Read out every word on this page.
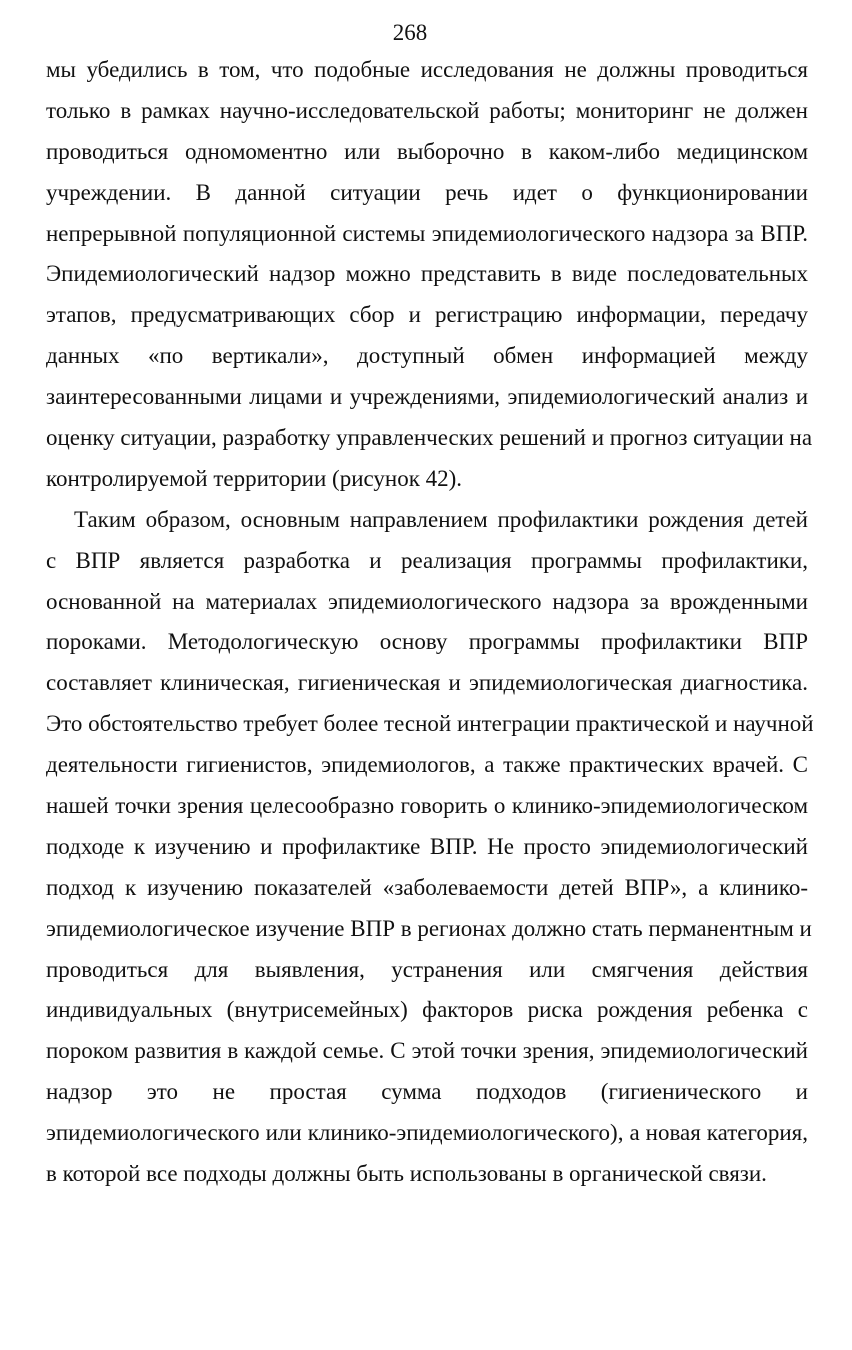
268
мы убедились в том, что подобные исследования не должны проводиться
только в рамках научно-исследовательской работы; мониторинг не должен
проводиться одномоментно или выборочно в каком-либо медицинском
учреждении. В данной ситуации речь идет о функционировании
непрерывной популяционной системы эпидемиологического надзора за ВПР.
Эпидемиологический надзор можно представить в виде последовательных
этапов, предусматривающих сбор и регистрацию информации, передачу
данных «по вертикали», доступный обмен информацией между
заинтересованными лицами и учреждениями, эпидемиологический анализ и
оценку ситуации, разработку управленческих решений и прогноз ситуации на
контролируемой территории (рисунок 42).
Таким образом, основным направлением профилактики рождения детей
с ВПР является разработка и реализация программы профилактики,
основанной на материалах эпидемиологического надзора за врожденными
пороками. Методологическую основу программы профилактики ВПР
составляет клиническая, гигиеническая и эпидемиологическая диагностика.
Это обстоятельство требует более тесной интеграции практической и научной
деятельности гигиенистов, эпидемиологов, а также практических врачей. С
нашей точки зрения целесообразно говорить о клинико-эпидемиологическом
подходе к изучению и профилактике ВПР. Не просто эпидемиологический
подход к изучению показателей «заболеваемости детей ВПР», а клинико-
эпидемиологическое изучение ВПР в регионах должно стать перманентным и
проводиться для выявления, устранения или смягчения действия
индивидуальных (внутрисемейных) факторов риска рождения ребенка с
пороком развития в каждой семье. С этой точки зрения, эпидемиологический
надзор это не простая сумма подходов (гигиенического и
эпидемиологического или клинико-эпидемиологического), а новая категория,
в которой все подходы должны быть использованы в органической связи.
